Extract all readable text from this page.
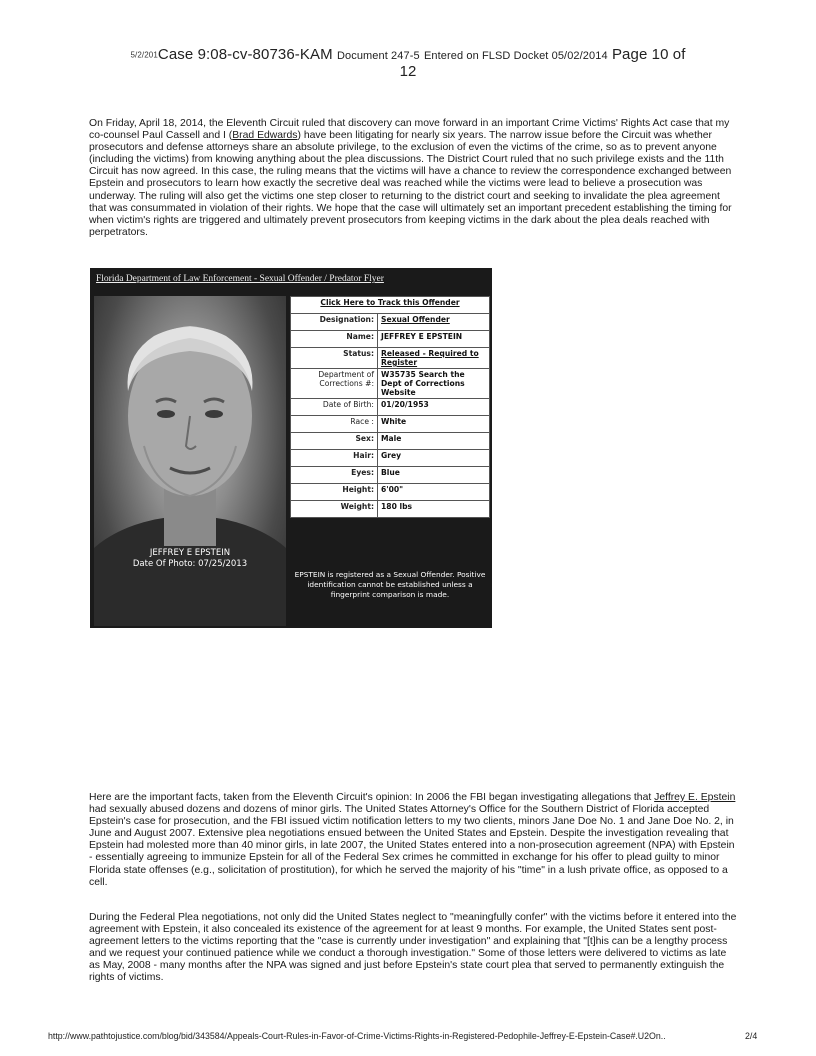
5/2/201Case 9:08-cv-80736-KAM Document 247-5 Entered on FLSD Docket 05/02/2014 Page 10 of
12
On Friday, April 18, 2014, the Eleventh Circuit ruled that discovery can move forward in an important Crime Victims' Rights Act case that my co-counsel Paul Cassell and I (Brad Edwards) have been litigating for nearly six years. The narrow issue before the Circuit was whether prosecutors and defense attorneys share an absolute privilege, to the exclusion of even the victims of the crime, so as to prevent anyone (including the victims) from knowing anything about the plea discussions. The District Court ruled that no such privilege exists and the 11th Circuit has now agreed. In this case, the ruling means that the victims will have a chance to review the correspondence exchanged between Epstein and prosecutors to learn how exactly the secretive deal was reached while the victims were lead to believe a prosecution was underway. The ruling will also get the victims one step closer to returning to the district court and seeking to invalidate the plea agreement that was consummated in violation of their rights. We hope that the case will ultimately set an important precedent establishing the timing for when victim's rights are triggered and ultimately prevent prosecutors from keeping victims in the dark about the plea deals reached with perpetrators.
Florida Department of Law Enforcement - Sexual Offender / Predator Flyer
JEFFREY E EPSTEIN
Date Of Photo: 07/25/2013
Click Here to Track this Offender	
Designation:	Sexual Offender
Name:	JEFFREY E EPSTEIN
Status:	Released - Required to Register
Department of Corrections #:	W35735 Search the Dept of Corrections Website
Date of Birth:	01/20/1953
Race :	White
Sex:	Male
Hair:	Grey
Eyes:	Blue
Height:	6'00"
Weight:	180 lbs
EPSTEIN is registered as a Sexual Offender. Positive identification cannot be established unless a fingerprint comparison is made.
Here are the important facts, taken from the Eleventh Circuit's opinion: In 2006 the FBI began investigating allegations that Jeffrey E. Epstein had sexually abused dozens and dozens of minor girls. The United States Attorney's Office for the Southern District of Florida accepted Epstein's case for prosecution, and the FBI issued victim notification letters to my two clients, minors Jane Doe No. 1 and Jane Doe No. 2, in June and August 2007. Extensive plea negotiations ensued between the United States and Epstein. Despite the investigation revealing that Epstein had molested more than 40 minor girls, in late 2007, the United States entered into a non-prosecution agreement (NPA) with Epstein - essentially agreeing to immunize Epstein for all of the Federal Sex crimes he committed in exchange for his offer to plead guilty to minor Florida state offenses (e.g., solicitation of prostitution), for which he served the majority of his "time" in a lush private office, as opposed to a cell.
During the Federal Plea negotiations, not only did the United States neglect to "meaningfully confer" with the victims before it entered into the agreement with Epstein, it also concealed its existence of the agreement for at least 9 months. For example, the United States sent post-agreement letters to the victims reporting that the "case is currently under investigation" and explaining that "[t]his can be a lengthy process and we request your continued patience while we conduct a thorough investigation." Some of those letters were delivered to victims as late as May, 2008 - many months after the NPA was signed and just before Epstein's state court plea that served to permanently extinguish the rights of victims.
http://www.pathtojustice.com/blog/bid/343584/Appeals-Court-Rules-in-Favor-of-Crime-Victims-Rights-in-Registered-Pedophile-Jeffrey-E-Epstein-Case#.U2On..	2/4
